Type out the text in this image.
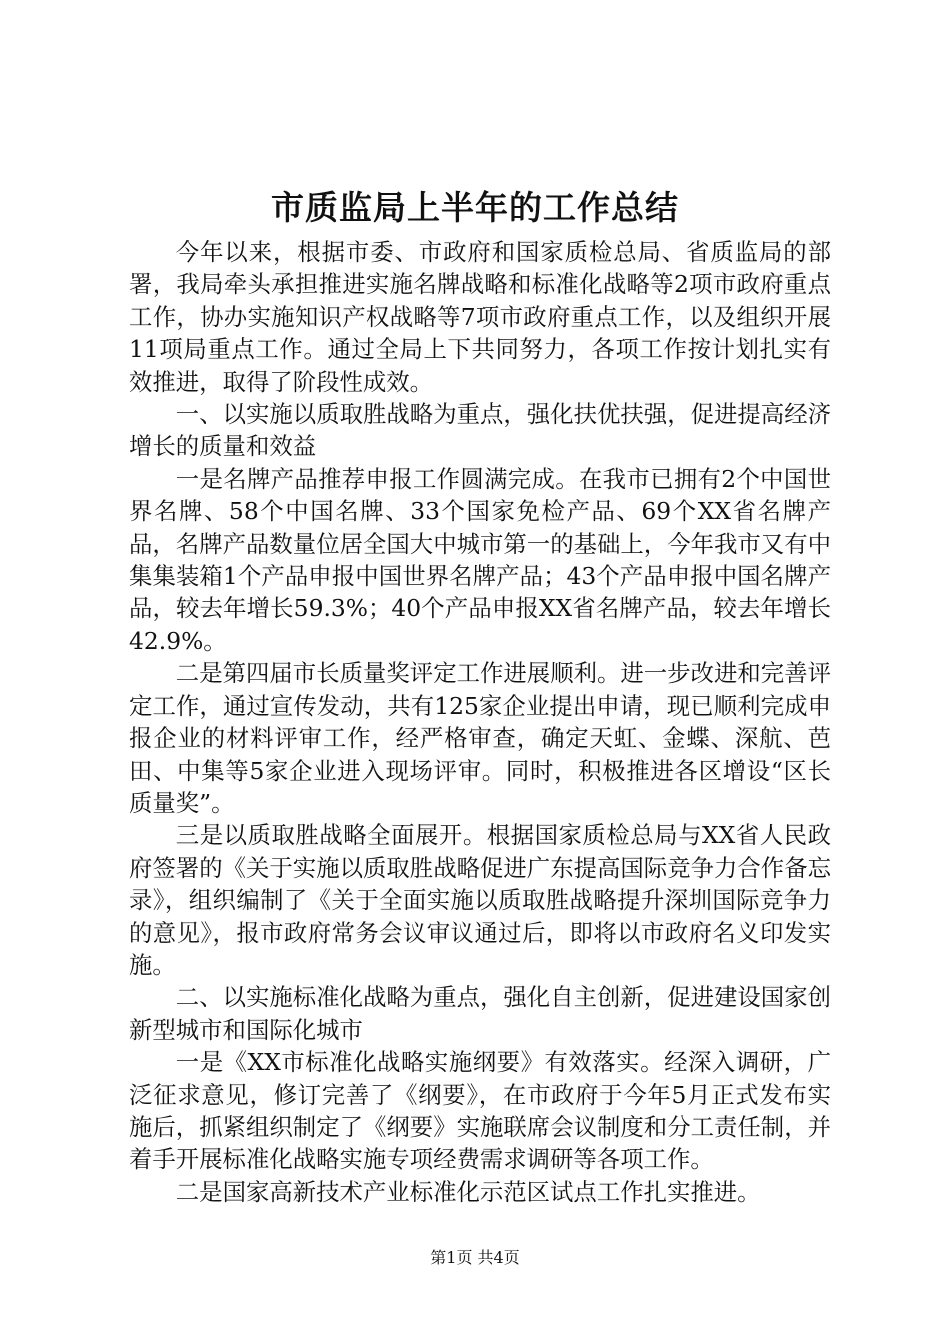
市质监局上半年的工作总结

今年以来，根据市委、市政府和国家质检总局、省质监局的部署，我局牵头承担推进实施名牌战略和标准化战略等2项市政府重点工作，协办实施知识产权战略等7项市政府重点工作，以及组织开展11项局重点工作。通过全局上下共同努力，各项工作按计划扎实有效推进，取得了阶段性成效。

一、以实施以质取胜战略为重点，强化扶优扶强，促进提高经济增长的质量和效益

一是名牌产品推荐申报工作圆满完成。在我市已拥有2个中国世界名牌、58个中国名牌、33个国家免检产品、69个XX省名牌产品，名牌产品数量位居全国大中城市第一的基础上，今年我市又有中集集装箱1个产品申报中国世界名牌产品；43个产品申报中国名牌产品，较去年增长59.3%；40个产品申报XX省名牌产品，较去年增长42.9%。

二是第四届市长质量奖评定工作进展顺利。进一步改进和完善评定工作，通过宣传发动，共有125家企业提出申请，现已顺利完成申报企业的材料评审工作，经严格审查，确定天虹、金蝶、深航、芭田、中集等5家企业进入现场评审。同时，积极推进各区增设“区长质量奖”。

三是以质取胜战略全面展开。根据国家质检总局与XX省人民政府签署的《关于实施以质取胜战略促进广东提高国际竞争力合作备忘录》，组织编制了《关于全面实施以质取胜战略提升深圳国际竞争力的意见》，报市政府常务会议审议通过后，即将以市政府名义印发实施。

二、以实施标准化战略为重点，强化自主创新，促进建设国家创新型城市和国际化城市

一是《XX市标准化战略实施纲要》有效落实。经深入调研，广泛征求意见，修订完善了《纲要》，在市政府于今年5月正式发布实施后，抓紧组织制定了《纲要》实施联席会议制度和分工责任制，并着手开展标准化战略实施专项经费需求调研等各项工作。

二是国家高新技术产业标准化示范区试点工作扎实推进。

第1页 共4页
